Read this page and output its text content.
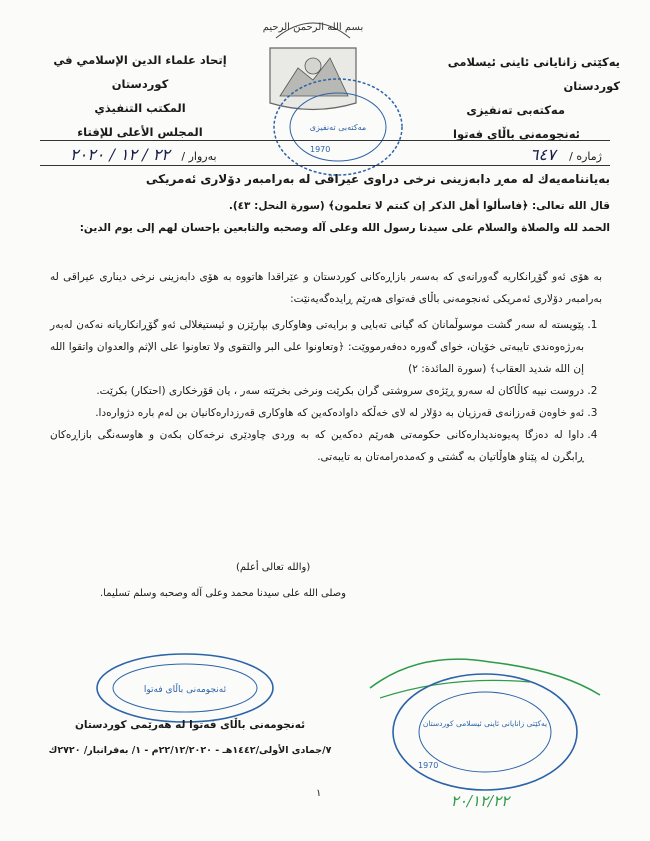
بسم الله الرحمن الرحيم
یەکێتی زانایانی ئاینی ئیسلامی کوردستان
مەکتەبی تەنفیزی
ئەنجومەنی باڵای فەتوا
إتحاد علماء الدين الإسلامي في كوردستان
المكتب التنفيذي
المجلس الأعلى للإفتاء	مەكتەبی تەنفیزی
1970
ژمارە / ٦٤٧
بەروار / ٢٢ / ١٢ / ٢٠٢٠
بەیاننامەیەك لە مەڕ دابەزینی نرخی دراوی عیراقی لە بەرامبەر دۆلاری ئەمریكی
قال الله تعالى: ﴿فاسألوا أهل الذكر إن كنتم لا تعلمون﴾ (سورة النحل: ٤٣).
الحمد لله والصلاة والسلام على سيدنا رسول الله وعلى آله وصحبه والتابعين بإحسان لهم إلى يوم الدين:

بە هۆی ئەو گۆڕانكاریە گەورانەی كە بەسەر بازاڕەكانی كوردستان و عێراقدا هاتووە بە هۆی دابەزینی نرخی دیناری عیراقی لە بەرامبەر دۆلاری ئەمریكی ئەنجومەنی باڵای فەتوای هەرێم ڕایدەگەیەنێت:

1. پێویستە لە سەر گشت موسوڵمانان كە گیانی تەبایی و برایەتی وهاوكاری بپارێزن و ئیستیغلالی ئەو گۆڕانكاریانە نەكەن لەبەر بەرژەوەندی تایبەتی خۆیان، خوای گەورە دەفەرمووێت: ﴿وتعاونوا على البر والتقوى ولا تعاونوا على الإثم والعدوان واتقوا الله إن الله شديد العقاب﴾ (سورة المائدة: ٢)
2. دروست نییە كاڵاكان لە سەرو ڕێژەی سروشتی گران بكرێت ونرخی بخرێتە سەر ، یان قۆرخكاری (احتكار) بكرێت.
3. ئەو خاوەن قەرزانەی قەرزیان بە دۆلار لە لای خەڵكە داوادەكەین كە هاوكاری قەرزدارەكانیان بن لەم بارە دژوارەدا.
4. داوا لە دەزگا پەیوەندیدارەكانی حكومەتی هەرێم دەكەین كە بە وردی چاودێری نرخەكان بكەن و هاوسەنگی بازاڕەكان ڕابگرن لە پێناو هاوڵاتیان بە گشتی و كەمدەرامەتان بە تایبەتی.
(والله تعالى أعلم)
وصلى الله على سيدنا محمد وعلى آله وصحبه وسلم تسليما.
ئەنجومەنی باڵای فەتوا
ئەنجومەنی باڵای فەتوا لە هەرێمی كوردستان
٧/جمادى الأولى/١٤٤٢هـ - ٢٢/١٢/٢٠٢٠م - ١/ بەفرانبار/ ٢٧٢٠ك
یەکێتی زانایانی ئاینی ئیسلامی کوردستان
1970
٢٠/١٢/٢٢
١
